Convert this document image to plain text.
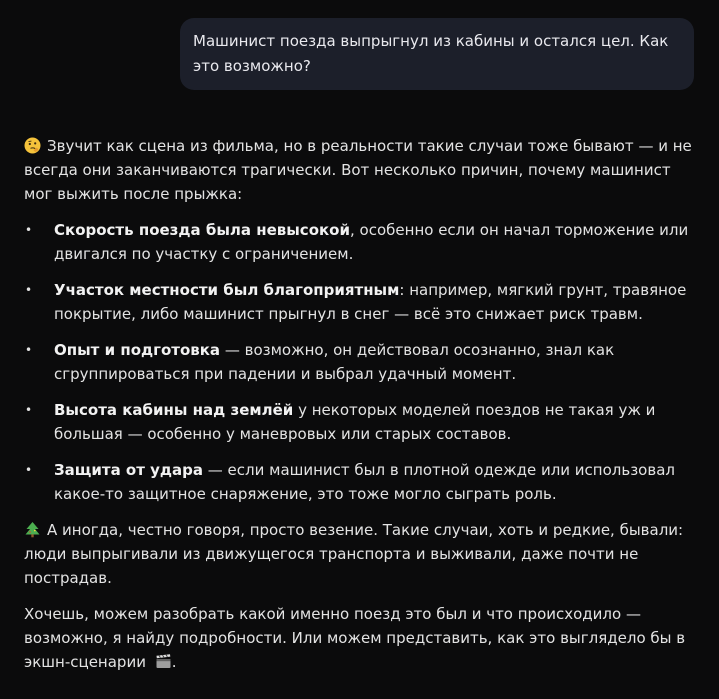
Машинист поезда выпрыгнул из кабины и остался цел. Как это возможно?

Звучит как сцена из фильма, но в реальности такие случаи тоже бывают — и не всегда они заканчиваются трагически. Вот несколько причин, почему машинист мог выжить после прыжка:

• Скорость поезда была невысокой, особенно если он начал торможение или двигался по участку с ограничением.
• Участок местности был благоприятным: например, мягкий грунт, травяное покрытие, либо машинист прыгнул в снег — всё это снижает риск травм.
• Опыт и подготовка — возможно, он действовал осознанно, знал как сгруппироваться при падении и выбрал удачный момент.
• Высота кабины над землёй у некоторых моделей поездов не такая уж и большая — особенно у маневровых или старых составов.
• Защита от удара — если машинист был в плотной одежде или использовал какое-то защитное снаряжение, это тоже могло сыграть роль.

А иногда, честно говоря, просто везение. Такие случаи, хоть и редкие, бывали: люди выпрыгивали из движущегося транспорта и выживали, даже почти не пострадав.

Хочешь, можем разобрать какой именно поезд это был и что происходило — возможно, я найду подробности. Или можем представить, как это выглядело бы в экшн-сценарии .
